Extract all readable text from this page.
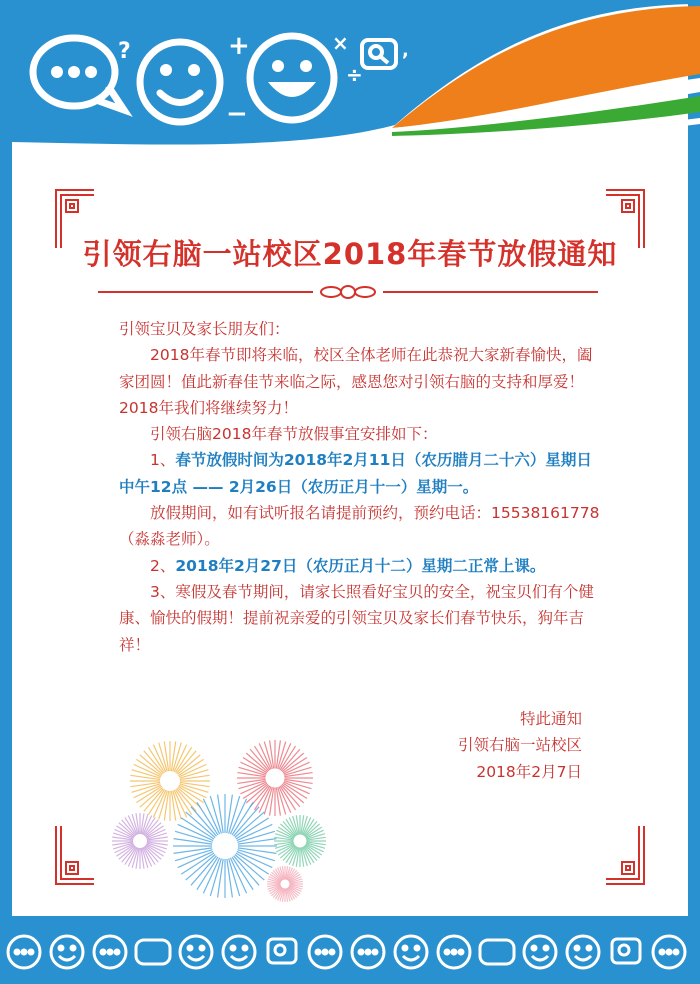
?	+
−
×
÷
,
引领右脑一站校区2018年春节放假通知

引领宝贝及家长朋友们：

2018年春节即将来临，校区全体老师在此恭祝大家新春愉快，阖家团圆！值此新春佳节来临之际，感恩您对引领右脑的支持和厚爱！2018年我们将继续努力！

引领右脑2018年春节放假事宜安排如下：

1、春节放假时间为2018年2月11日（农历腊月二十六）星期日中午12点 —— 2月26日（农历正月十一）星期一。

放假期间，如有试听报名请提前预约，预约电话：15538161778（淼淼老师）。

2、2018年2月27日（农历正月十二）星期二正常上课。

3、寒假及春节期间，请家长照看好宝贝的安全，祝宝贝们有个健康、愉快的假期！提前祝亲爱的引领宝贝及家长们春节快乐，狗年吉祥！

特此通知
引领右脑一站校区
2018年2月7日
